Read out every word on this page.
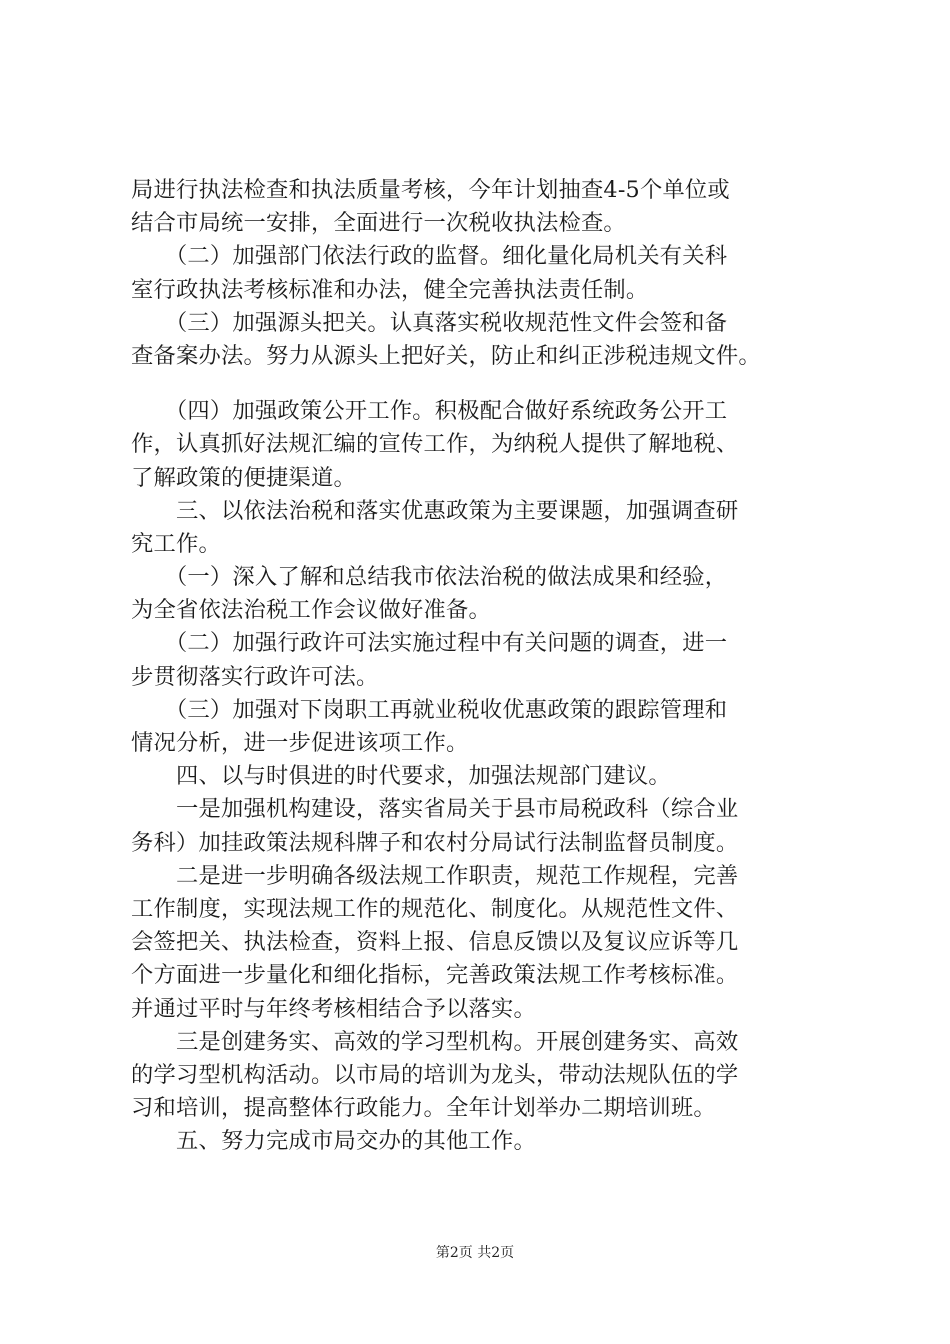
局进行执法检查和执法质量考核，今年计划抽查4-5个单位或
结合市局统一安排，全面进行一次税收执法检查。
　　（二）加强部门依法行政的监督。细化量化局机关有关科
室行政执法考核标准和办法，健全完善执法责任制。
　　（三）加强源头把关。认真落实税收规范性文件会签和备
查备案办法。努力从源头上把好关，防止和纠正涉税违规文件。
　　（四）加强政策公开工作。积极配合做好系统政务公开工
作，认真抓好法规汇编的宣传工作，为纳税人提供了解地税、
了解政策的便捷渠道。
　　三、以依法治税和落实优惠政策为主要课题，加强调查研
究工作。
　　（一）深入了解和总结我市依法治税的做法成果和经验，
为全省依法治税工作会议做好准备。
　　（二）加强行政许可法实施过程中有关问题的调查，进一
步贯彻落实行政许可法。
　　（三）加强对下岗职工再就业税收优惠政策的跟踪管理和
情况分析，进一步促进该项工作。
　　四、以与时俱进的时代要求，加强法规部门建议。
　　一是加强机构建设，落实省局关于县市局税政科（综合业
务科）加挂政策法规科牌子和农村分局试行法制监督员制度。
　　二是进一步明确各级法规工作职责，规范工作规程，完善
工作制度，实现法规工作的规范化、制度化。从规范性文件、
会签把关、执法检查，资料上报、信息反馈以及复议应诉等几
个方面进一步量化和细化指标，完善政策法规工作考核标准。
并通过平时与年终考核相结合予以落实。
　　三是创建务实、高效的学习型机构。开展创建务实、高效
的学习型机构活动。以市局的培训为龙头，带动法规队伍的学
习和培训，提高整体行政能力。全年计划举办二期培训班。
　　五、努力完成市局交办的其他工作。
第2页 共2页
